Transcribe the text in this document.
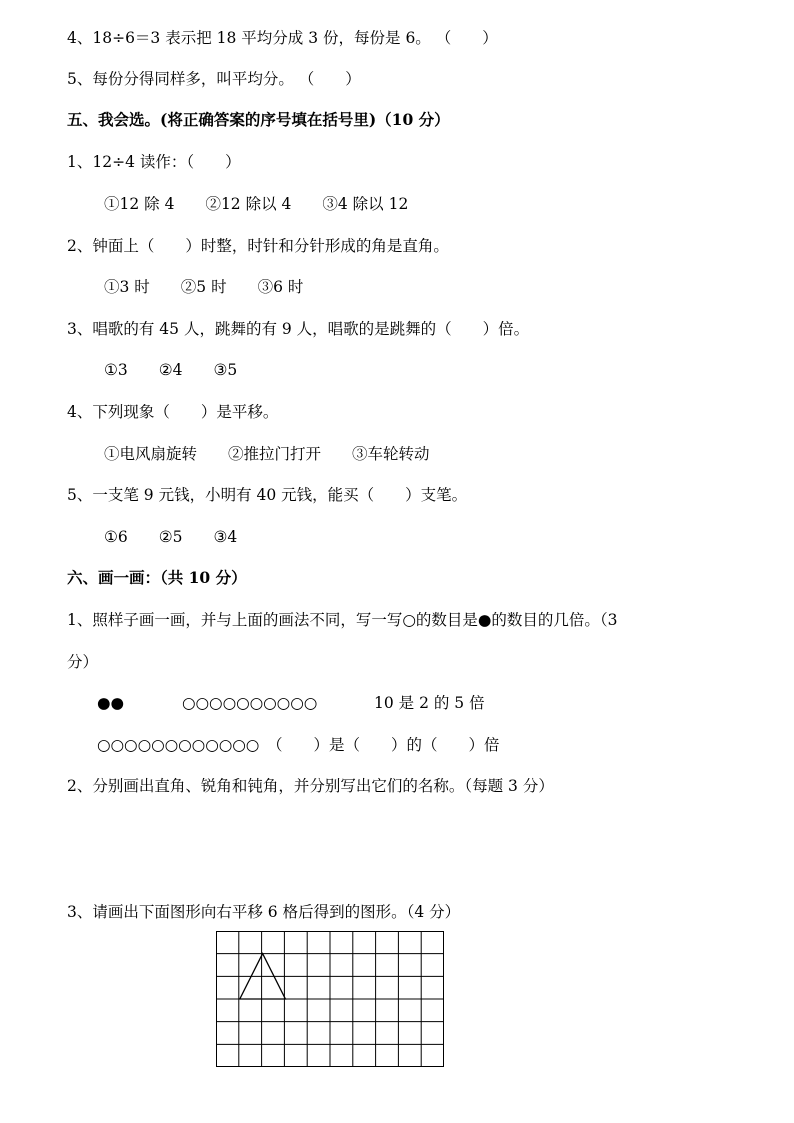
4、18÷6＝3 表示把 18 平均分成 3 份，每份是 6。 （　　）
5、每份分得同样多，叫平均分。 （　　）
五、我会选。(将正确答案的序号填在括号里)（10 分）
1、12÷4 读作：（　　）
①12 除 4　　②12 除以 4　　③4 除以 12
2、钟面上（　　）时整，时针和分针形成的角是直角。
①3 时　　②5 时　　③6 时
3、唱歌的有 45 人，跳舞的有 9 人，唱歌的是跳舞的（　　）倍。
①3　　②4　　③5
4、下列现象（　　）是平移。
①电风扇旋转　　②推拉门打开　　③车轮转动
5、一支笔 9 元钱，小明有 40 元钱，能买（　　）支笔。
①6　　②5　　③4
六、画一画：（共 10 分）
1、照样子画一画，并与上面的画法不同，写一写○的数目是●的数目的几倍。（3
分）
●●	○○○○○○○○○○	10 是 2 的 5 倍
○○○○○○○○○○○○　（　　）是（　　）的（　　）倍
2、分别画出直角、锐角和钝角，并分别写出它们的名称。（每题 3 分）
3、请画出下面图形向右平移 6 格后得到的图形。（4 分）
